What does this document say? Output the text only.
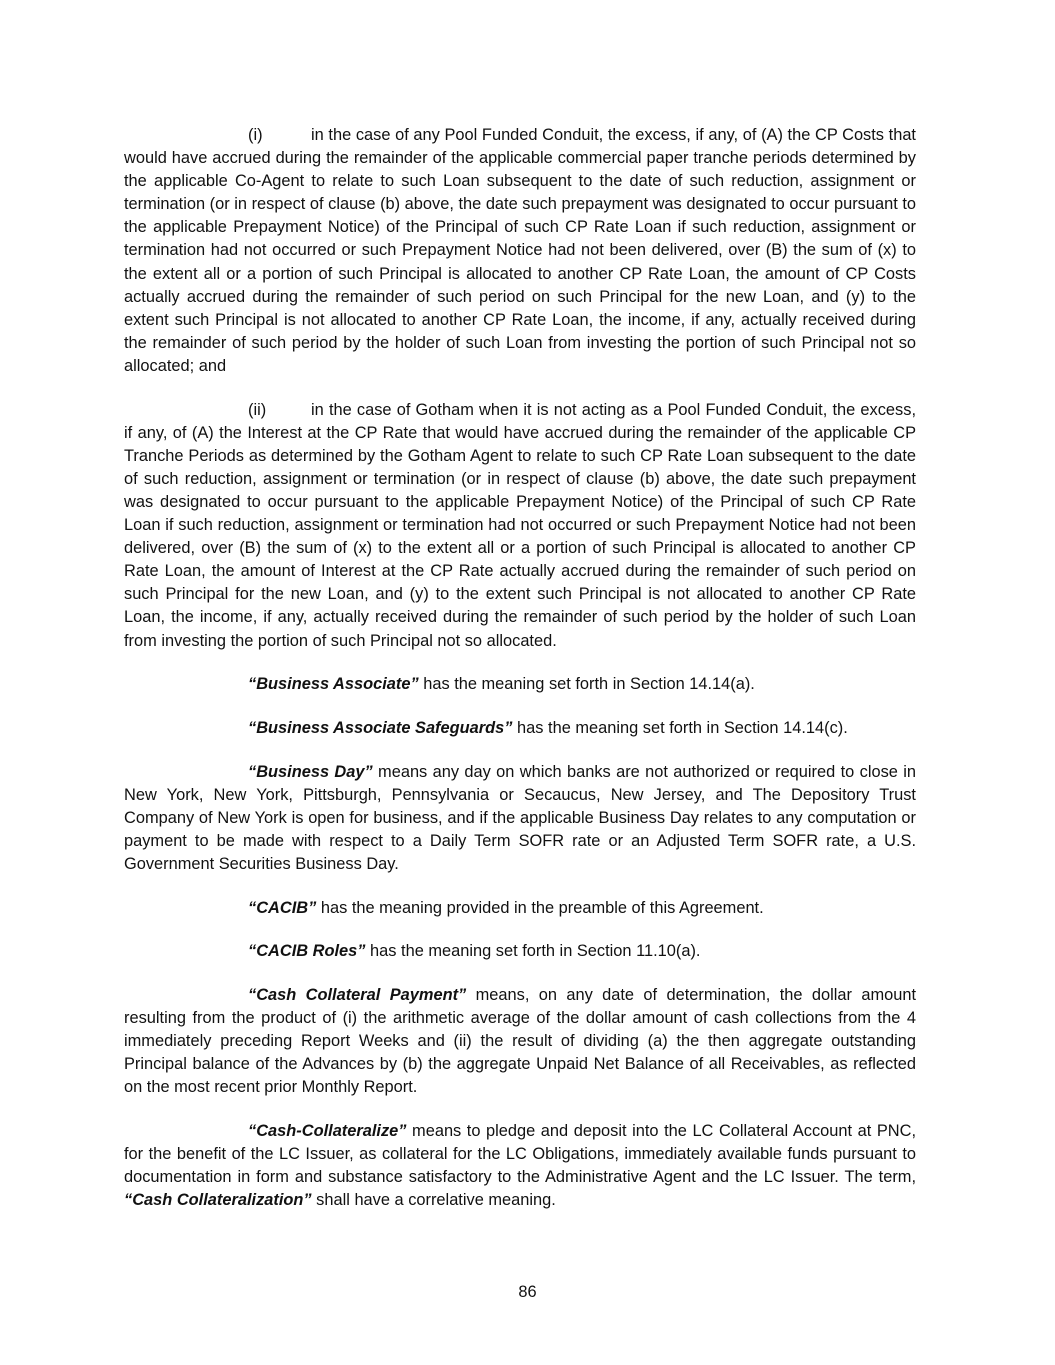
(i)	in the case of any Pool Funded Conduit, the excess, if any, of (A) the CP Costs that would have accrued during the remainder of the applicable commercial paper tranche periods determined by the applicable Co-Agent to relate to such Loan subsequent to the date of such reduction, assignment or termination (or in respect of clause (b) above, the date such prepayment was designated to occur pursuant to the applicable Prepayment Notice) of the Principal of such CP Rate Loan if such reduction, assignment or termination had not occurred or such Prepayment Notice had not been delivered, over (B) the sum of (x) to the extent all or a portion of such Principal is allocated to another CP Rate Loan, the amount of CP Costs actually accrued during the remainder of such period on such Principal for the new Loan, and (y) to the extent such Principal is not allocated to another CP Rate Loan, the income, if any, actually received during the remainder of such period by the holder of such Loan from investing the portion of such Principal not so allocated; and

(ii)	in the case of Gotham when it is not acting as a Pool Funded Conduit, the excess, if any, of (A) the Interest at the CP Rate that would have accrued during the remainder of the applicable CP Tranche Periods as determined by the Gotham Agent to relate to such CP Rate Loan subsequent to the date of such reduction, assignment or termination (or in respect of clause (b) above, the date such prepayment was designated to occur pursuant to the applicable Prepayment Notice) of the Principal of such CP Rate Loan if such reduction, assignment or termination had not occurred or such Prepayment Notice had not been delivered, over (B) the sum of (x) to the extent all or a portion of such Principal is allocated to another CP Rate Loan, the amount of Interest at the CP Rate actually accrued during the remainder of such period on such Principal for the new Loan, and (y) to the extent such Principal is not allocated to another CP Rate Loan, the income, if any, actually received during the remainder of such period by the holder of such Loan from investing the portion of such Principal not so allocated.

“Business Associate” has the meaning set forth in Section 14.14(a).

“Business Associate Safeguards” has the meaning set forth in Section 14.14(c).

“Business Day” means any day on which banks are not authorized or required to close in New York, New York, Pittsburgh, Pennsylvania or Secaucus, New Jersey, and The Depository Trust Company of New York is open for business, and if the applicable Business Day relates to any computation or payment to be made with respect to a Daily Term SOFR rate or an Adjusted Term SOFR rate, a U.S. Government Securities Business Day.

“CACIB” has the meaning provided in the preamble of this Agreement.

“CACIB Roles” has the meaning set forth in Section 11.10(a).

“Cash Collateral Payment” means, on any date of determination, the dollar amount resulting from the product of (i) the arithmetic average of the dollar amount of cash collections from the 4 immediately preceding Report Weeks and (ii) the result of dividing (a) the then aggregate outstanding Principal balance of the Advances by (b) the aggregate Unpaid Net Balance of all Receivables, as reflected on the most recent prior Monthly Report.

“Cash-Collateralize” means to pledge and deposit into the LC Collateral Account at PNC, for the benefit of the LC Issuer, as collateral for the LC Obligations, immediately available funds pursuant to documentation in form and substance satisfactory to the Administrative Agent and the LC Issuer. The term, “Cash Collateralization” shall have a correlative meaning.

86
